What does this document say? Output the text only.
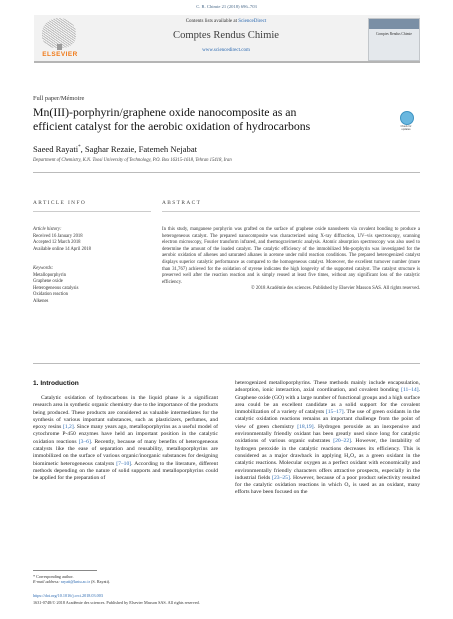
C. R. Chimie 21 (2018) 696–703
ELSEVIER
Contents lists available at ScienceDirect
Comptes Rendus Chimie
www.sciencedirect.com
Comptes Rendus Chimie
Full paper/Mémoire
Mn(III)-porphyrin/graphene oxide nanocomposite as an
efficient catalyst for the aerobic oxidation of hydrocarbons	Check for
updates
Saeed Rayati*, Saghar Rezaie, Fatemeh Nejabat
Department of Chemistry, K.N. Toosi University of Technology, P.O. Box 16315-1618, Tehran 15418, Iran
ARTICLE INFO	ABSTRACT
Article history:
Received 16 January 2018
Accepted 12 March 2018
Available online 14 April 2018
Keywords:
Metalloporphyrin
Graphene oxide
Heterogeneous catalysis
Oxidation reaction
Alkenes
In this study, manganese porphyrin was grafted on the surface of graphene oxide nanosheets via covalent bonding to produce a heterogeneous catalyst. The prepared nanocomposite was characterized using X-ray diffraction, UV–vis spectroscopy, scanning electron microscopy, Fourier transform infrared, and thermogravimetric analysis. Atomic absorption spectroscopy was also used to determine the amount of the loaded catalyst. The catalytic efficiency of the immobilized Mn-porphyrin was investigated for the aerobic oxidation of alkenes and saturated alkanes in acetone under mild reaction conditions. The prepared heterogenized catalyst displays superior catalytic performance as compared to the homogeneous catalyst. Moreover, the excellent turnover number (more than 31,767) achieved for the oxidation of styrene indicates the high longevity of the supported catalyst. The catalyst structure is preserved well after the reaction reaction and is simply reused at least five times, without any significant loss of the catalytic efficiency.
© 2018 Académie des sciences. Published by Elsevier Masson SAS. All rights reserved.
1. Introduction
Catalytic oxidation of hydrocarbons in the liquid phase is a significant research area in synthetic organic chemistry due to the importance of the products being produced. These products are considered as valuable intermediates for the synthesis of various important substances, such as plasticizers, perfumes, and epoxy resins [1,2]. Since many years ago, metalloporphyrins as a useful model of cytochrome P-450 enzymes have held an important position in the catalytic oxidation reactions [3–6]. Recently, because of many benefits of heterogeneous catalysts like the ease of separation and reusability, metalloporphyrins are immobilized on the surface of various organic/inorganic substances for designing biomimetic heterogeneous catalysts [7–10]. According to the literature, different methods depending on the nature of solid supports and metalloporphyrins could be applied for the preparation of
heterogenized metalloporphyrins. These methods mainly include encapsulation, adsorption, ionic interaction, axial coordination, and covalent bonding [11–14]. Graphene oxide (GO) with a large number of functional groups and a high surface area could be an excellent candidate as a solid support for the covalent immobilization of a variety of catalysts [15–17]. The use of green oxidants in the catalytic oxidation reactions remains an important challenge from the point of view of green chemistry [18,19]. Hydrogen peroxide as an inexpensive and environmentally friendly oxidant has been greatly used since long for catalytic oxidations of various organic substrates [20–22]. However, the instability of hydrogen peroxide in the catalytic reactions decreases its efficiency. This is considered as a major drawback in applying H₂O₂ as a green oxidant in the catalytic reactions. Molecular oxygen as a perfect oxidant with economically and environmentally friendly characters offers attractive prospects, especially in the industrial fields [23–25]. However, because of a poor product selectivity resulted for the catalytic oxidation reactions in which O₂ is used as an oxidant, many efforts have been focused on the
* Corresponding author.
E-mail address: rayati@kntu.ac.ir (S. Rayati).
https://doi.org/10.1016/j.crci.2018.03.003
1631-0748/© 2018 Académie des sciences. Published by Elsevier Masson SAS. All rights reserved.
